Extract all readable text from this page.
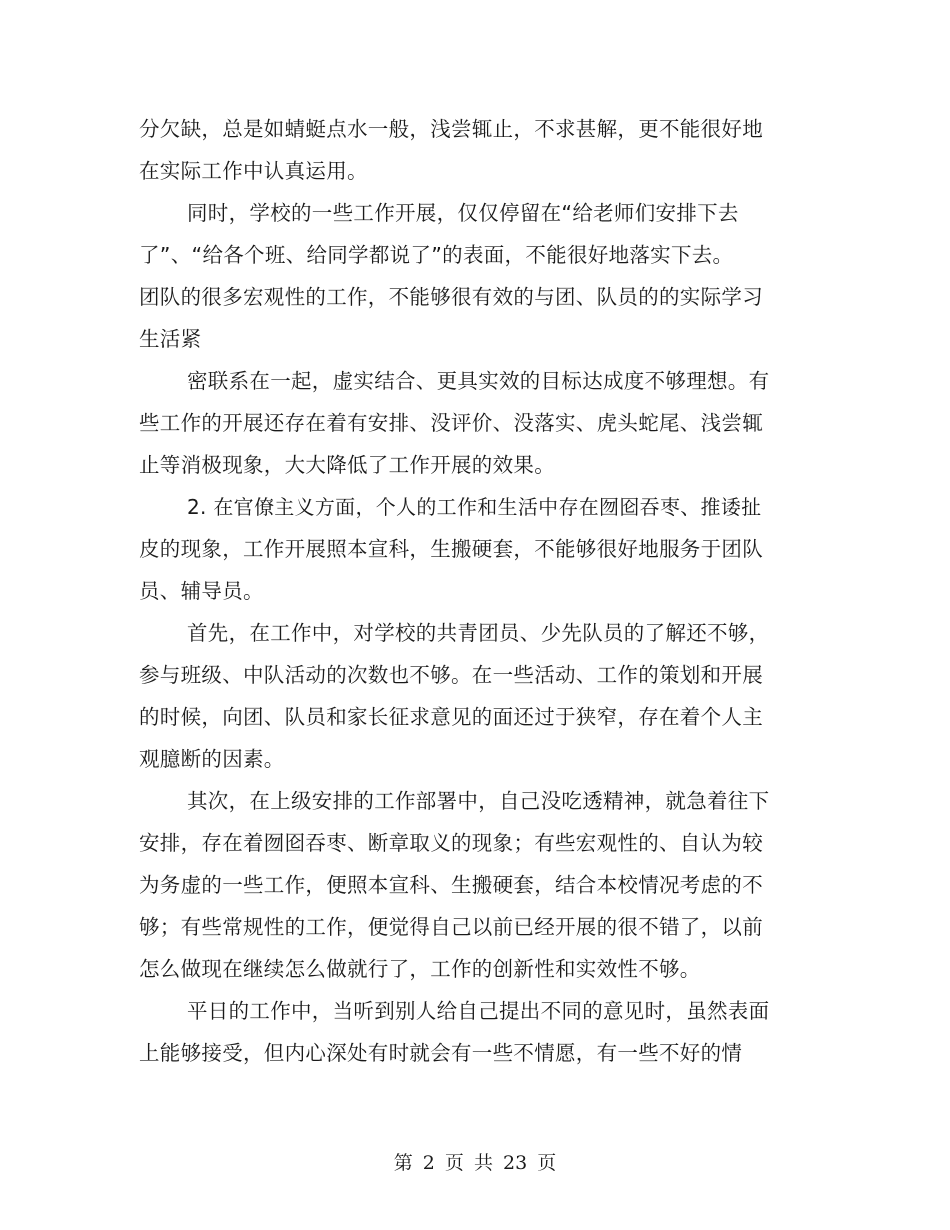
分欠缺，总是如蜻蜓点水一般，浅尝辄止，不求甚解，更不能很好地
在实际工作中认真运用。
同时，学校的一些工作开展，仅仅停留在“给老师们安排下去
了”、“给各个班、给同学都说了”的表面，不能很好地落实下去。
团队的很多宏观性的工作，不能够很有效的与团、队员的的实际学习
生活紧
密联系在一起，虚实结合、更具实效的目标达成度不够理想。有
些工作的开展还存在着有安排、没评价、没落实、虎头蛇尾、浅尝辄
止等消极现象，大大降低了工作开展的效果。
2. 在官僚主义方面，个人的工作和生活中存在囫囵吞枣、推诿扯
皮的现象，工作开展照本宣科，生搬硬套，不能够很好地服务于团队
员、辅导员。
首先，在工作中，对学校的共青团员、少先队员的了解还不够，
参与班级、中队活动的次数也不够。在一些活动、工作的策划和开展
的时候，向团、队员和家长征求意见的面还过于狭窄，存在着个人主
观臆断的因素。
其次，在上级安排的工作部署中，自己没吃透精神，就急着往下
安排，存在着囫囵吞枣、断章取义的现象；有些宏观性的、自认为较
为务虚的一些工作，便照本宣科、生搬硬套，结合本校情况考虑的不
够；有些常规性的工作，便觉得自己以前已经开展的很不错了，以前
怎么做现在继续怎么做就行了，工作的创新性和实效性不够。
平日的工作中，当听到别人给自己提出不同的意见时，虽然表面
上能够接受，但内心深处有时就会有一些不情愿，有一些不好的情
第 2 页 共 23 页
